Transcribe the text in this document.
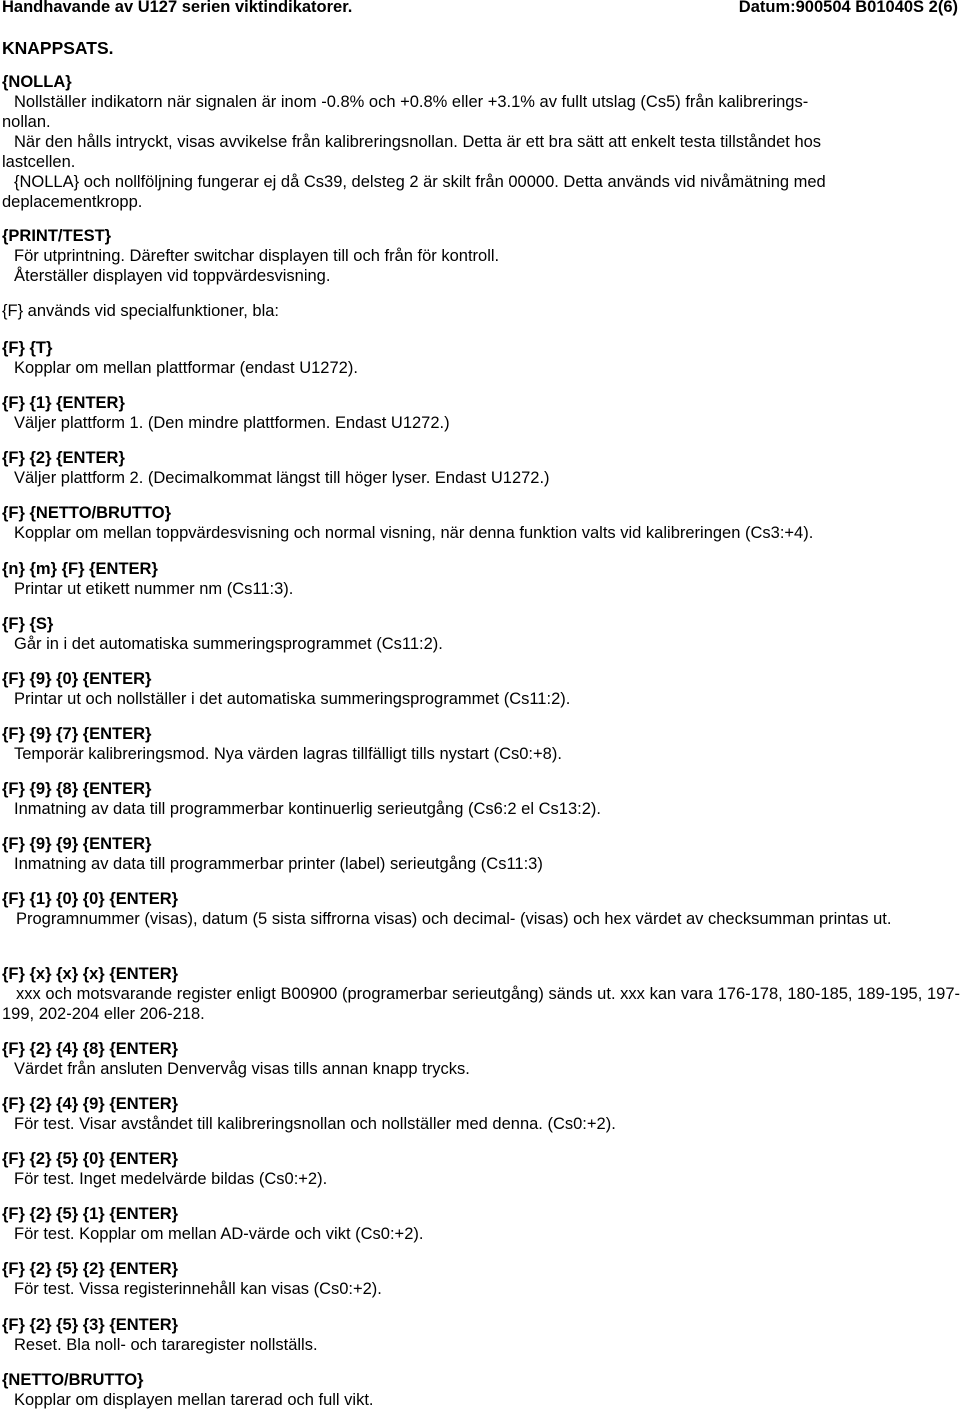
Handhavande av U127 serien viktindikatorer.	Datum:900504 B01040S 2(6)
KNAPPSATS.
{NOLLA}
Nollställer indikatorn när signalen är inom -0.8% och +0.8% eller +3.1% av fullt utslag (Cs5) från kalibrerings-
nollan.
När den hålls intryckt, visas avvikelse från kalibreringsnollan. Detta är ett bra sätt att enkelt testa tillståndet hos
lastcellen.
{NOLLA} och nollföljning fungerar ej då Cs39, delsteg 2 är skilt från 00000. Detta används vid nivåmätning med
deplacementkropp.
{PRINT/TEST}
För utprintning. Därefter switchar displayen till och från för kontroll.
Återställer displayen vid toppvärdesvisning.
{F} används vid specialfunktioner, bla:
{F} {T}
Kopplar om mellan plattformar (endast U1272).
{F} {1} {ENTER}
Väljer plattform 1. (Den mindre plattformen. Endast U1272.)
{F} {2} {ENTER}
Väljer plattform 2. (Decimalkommat längst till höger lyser. Endast U1272.)
{F} {NETTO/BRUTTO}
Kopplar om mellan toppvärdesvisning och normal visning, när denna funktion valts vid kalibreringen (Cs3:+4).
{n} {m} {F} {ENTER}
Printar ut etikett nummer nm (Cs11:3).
{F} {S}
Går in i det automatiska summeringsprogrammet (Cs11:2).
{F} {9} {0} {ENTER}
Printar ut och nollställer i det automatiska summeringsprogrammet (Cs11:2).
{F} {9} {7} {ENTER}
Temporär kalibreringsmod. Nya värden lagras tillfälligt tills nystart (Cs0:+8).
{F} {9} {8} {ENTER}
Inmatning av data till programmerbar kontinuerlig serieutgång (Cs6:2 el Cs13:2).
{F} {9} {9} {ENTER}
Inmatning av data till programmerbar printer (label) serieutgång (Cs11:3)
{F} {1} {0} {0} {ENTER}
Programnummer (visas), datum (5 sista siffrorna visas) och decimal- (visas) och hex värdet av checksumman printas ut.
{F} {x} {x} {x} {ENTER}
xxx och motsvarande register enligt B00900 (programerbar serieutgång) sänds ut. xxx kan vara 176-178, 180-185, 189-195, 197-199, 202-204 eller 206-218.
{F} {2} {4} {8} {ENTER}
Värdet från ansluten Denvervåg visas tills annan knapp trycks.
{F} {2} {4} {9} {ENTER}
För test. Visar avståndet till kalibreringsnollan och nollställer med denna. (Cs0:+2).
{F} {2} {5} {0} {ENTER}
För test. Inget medelvärde bildas (Cs0:+2).
{F} {2} {5} {1} {ENTER}
För test. Kopplar om mellan AD-värde och vikt (Cs0:+2).
{F} {2} {5} {2} {ENTER}
För test. Vissa registerinnehåll kan visas (Cs0:+2).
{F} {2} {5} {3} {ENTER}
Reset. Bla noll- och tararegister nollställs.
{NETTO/BRUTTO}
Kopplar om displayen mellan tarerad och full vikt.
